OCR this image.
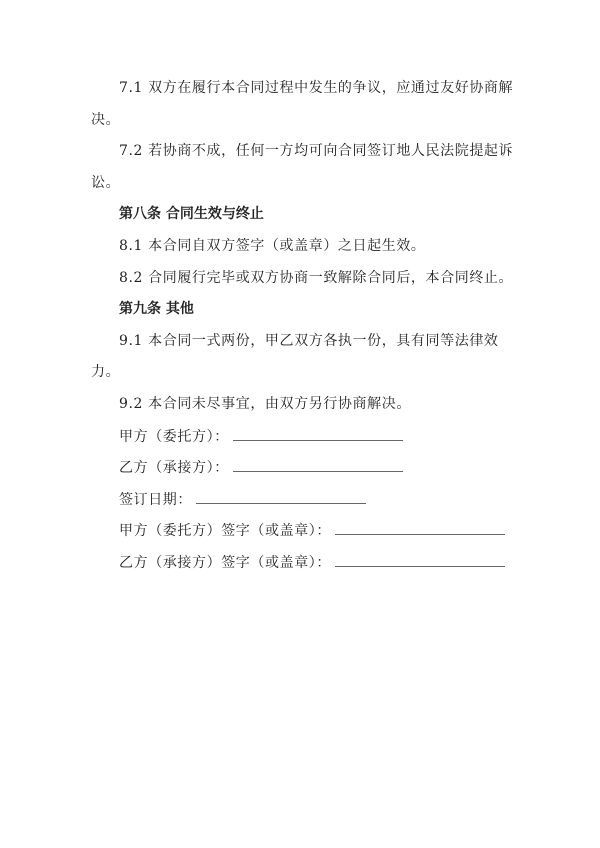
7.1 双方在履行本合同过程中发生的争议，应通过友好协商解
决。
7.2 若协商不成，任何一方均可向合同签订地人民法院提起诉
讼。
第八条 合同生效与终止
8.1 本合同自双方签字（或盖章）之日起生效。
8.2 合同履行完毕或双方协商一致解除合同后，本合同终止。
第九条 其他
9.1 本合同一式两份，甲乙双方各执一份，具有同等法律效
力。
9.2 本合同未尽事宜，由双方另行协商解决。
甲方（委托方）：
乙方（承接方）：
签订日期：
甲方（委托方）签字（或盖章）：
乙方（承接方）签字（或盖章）：
